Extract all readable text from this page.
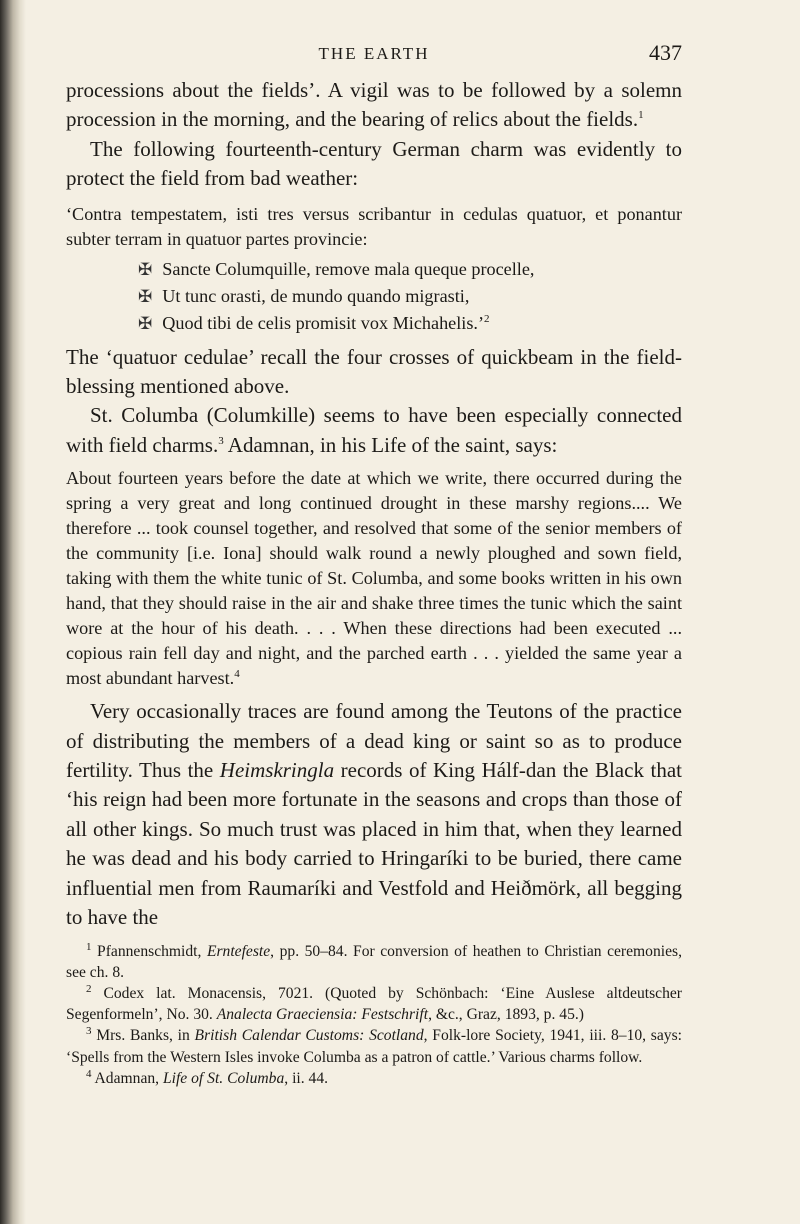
THE EARTH	437

processions about the fields’. A vigil was to be followed by a solemn procession in the morning, and the bearing of relics about the fields.$^1$

The following fourteenth-century German charm was evidently to protect the field from bad weather:

‘Contra tempestatem, isti tres versus scribantur in cedulas quatuor, et ponantur subter terram in quatuor partes provincie:

✠ Sancte Columquille, remove mala queque procelle,
✠ Ut tunc orasti, de mundo quando migrasti,
✠ Quod tibi de celis promisit vox Michahelis.’$^2$

The ‘quatuor cedulae’ recall the four crosses of quickbeam in the field-blessing mentioned above.

St. Columba (Columkille) seems to have been especially connected with field charms.$^3$ Adamnan, in his Life of the saint, says:

About fourteen years before the date at which we write, there occurred during the spring a very great and long continued drought in these marshy regions.... We therefore ... took counsel together, and resolved that some of the senior members of the community [i.e. Iona] should walk round a newly ploughed and sown field, taking with them the white tunic of St. Columba, and some books written in his own hand, that they should raise in the air and shake three times the tunic which the saint wore at the hour of his death. . . . When these directions had been executed ... copious rain fell day and night, and the parched earth . . . yielded the same year a most abundant harvest.$^4$

Very occasionally traces are found among the Teutons of the practice of distributing the members of a dead king or saint so as to produce fertility. Thus the Heimskringla records of King Hálf-dan the Black that ‘his reign had been more fortunate in the seasons and crops than those of all other kings. So much trust was placed in him that, when they learned he was dead and his body carried to Hringaríki to be buried, there came influential men from Raumaríki and Vestfold and Heiðmörk, all begging to have the

$^1$ Pfannenschmidt, Erntefeste, pp. 50–84. For conversion of heathen to Christian ceremonies, see ch. 8.

$^2$ Codex lat. Monacensis, 7021. (Quoted by Schönbach: ‘Eine Auslese altdeutscher Segenformeln’, No. 30. Analecta Graeciensia: Festschrift, &c., Graz, 1893, p. 45.)

$^3$ Mrs. Banks, in British Calendar Customs: Scotland, Folk-lore Society, 1941, iii. 8–10, says: ‘Spells from the Western Isles invoke Columba as a patron of cattle.’ Various charms follow.

$^4$ Adamnan, Life of St. Columba, ii. 44.
